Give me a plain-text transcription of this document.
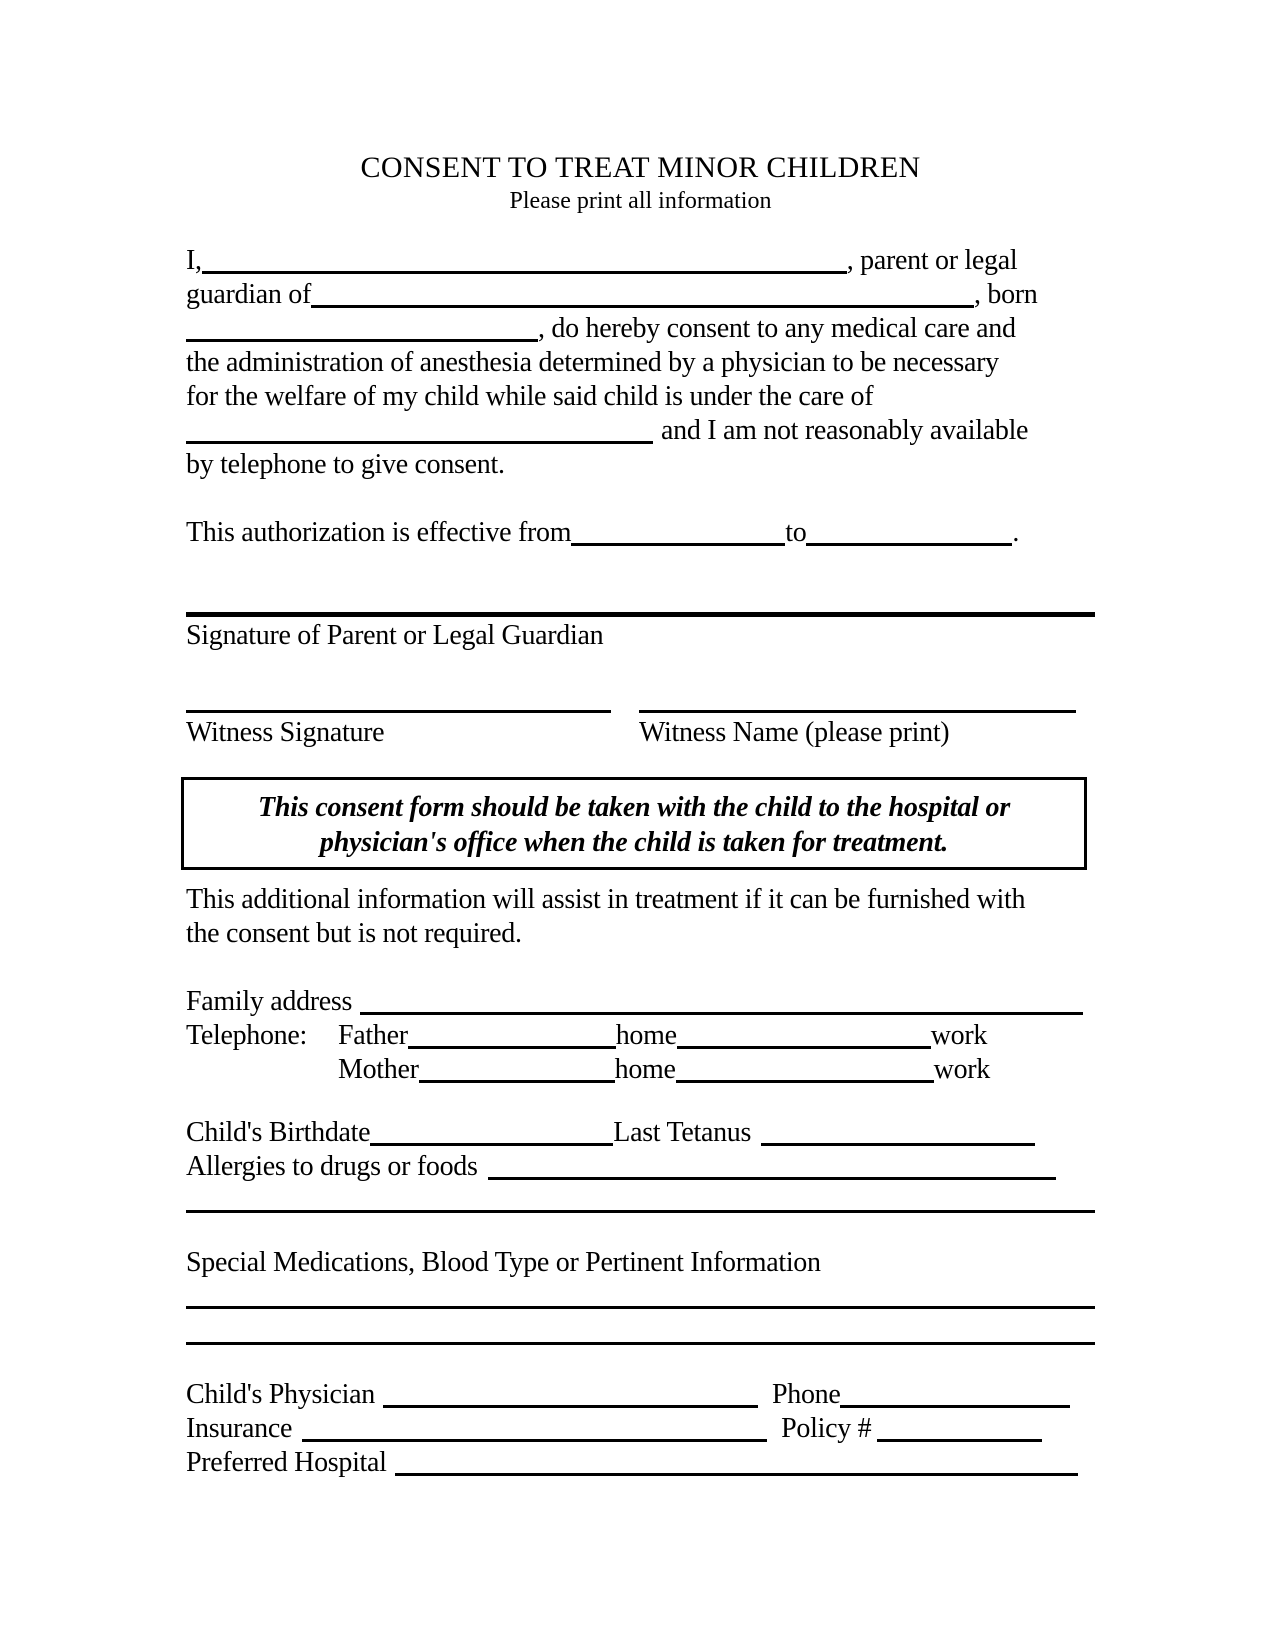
CONSENT TO TREAT MINOR CHILDREN
Please print all information
I,	, parent or legal
guardian of	, born
, do hereby consent to any medical care and
the administration of anesthesia determined by a physician to be necessary
for the welfare of my child while said child is under the care of
and I am not reasonably available
by telephone to give consent.
This authorization is effective from	to	.
Signature of Parent or Legal Guardian
Witness Signature	Witness Name (please print)
This consent form should be taken with the child to the hospital or
physician's office when the child is taken for treatment.
This additional information will assist in treatment if it can be furnished with
the consent but is not required.
Family address
Telephone: Father	home	work
Mother	home	work
Child's Birthdate	Last Tetanus
Allergies to drugs or foods
Special Medications, Blood Type or Pertinent Information
Child's Physician	Phone
Insurance	Policy #
Preferred Hospital
